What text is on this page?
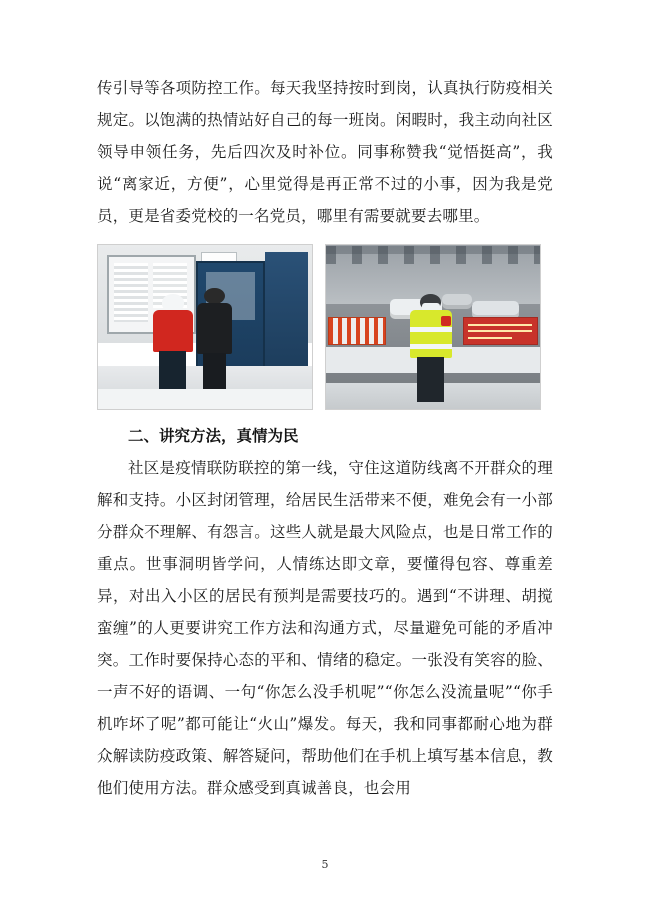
传引导等各项防控工作。每天我坚持按时到岗，认真执行防疫相关规定。以饱满的热情站好自己的每一班岗。闲暇时，我主动向社区领导申领任务，先后四次及时补位。同事称赞我“觉悟挺高”，我说“离家近，方便”，心里觉得是再正常不过的小事，因为我是党员，更是省委党校的一名党员，哪里有需要就要去哪里。

二、讲究方法，真情为民

社区是疫情联防联控的第一线，守住这道防线离不开群众的理解和支持。小区封闭管理，给居民生活带来不便，难免会有一小部分群众不理解、有怨言。这些人就是最大风险点，也是日常工作的重点。世事洞明皆学问，人情练达即文章，要懂得包容、尊重差异，对出入小区的居民有预判是需要技巧的。遇到“不讲理、胡搅蛮缠”的人更要讲究工作方法和沟通方式，尽量避免可能的矛盾冲突。工作时要保持心态的平和、情绪的稳定。一张没有笑容的脸、一声不好的语调、一句“你怎么没手机呢”“你怎么没流量呢”“你手机咋坏了呢”都可能让“火山”爆发。每天，我和同事都耐心地为群众解读防疫政策、解答疑问，帮助他们在手机上填写基本信息，教他们使用方法。群众感受到真诚善良，也会用

5
